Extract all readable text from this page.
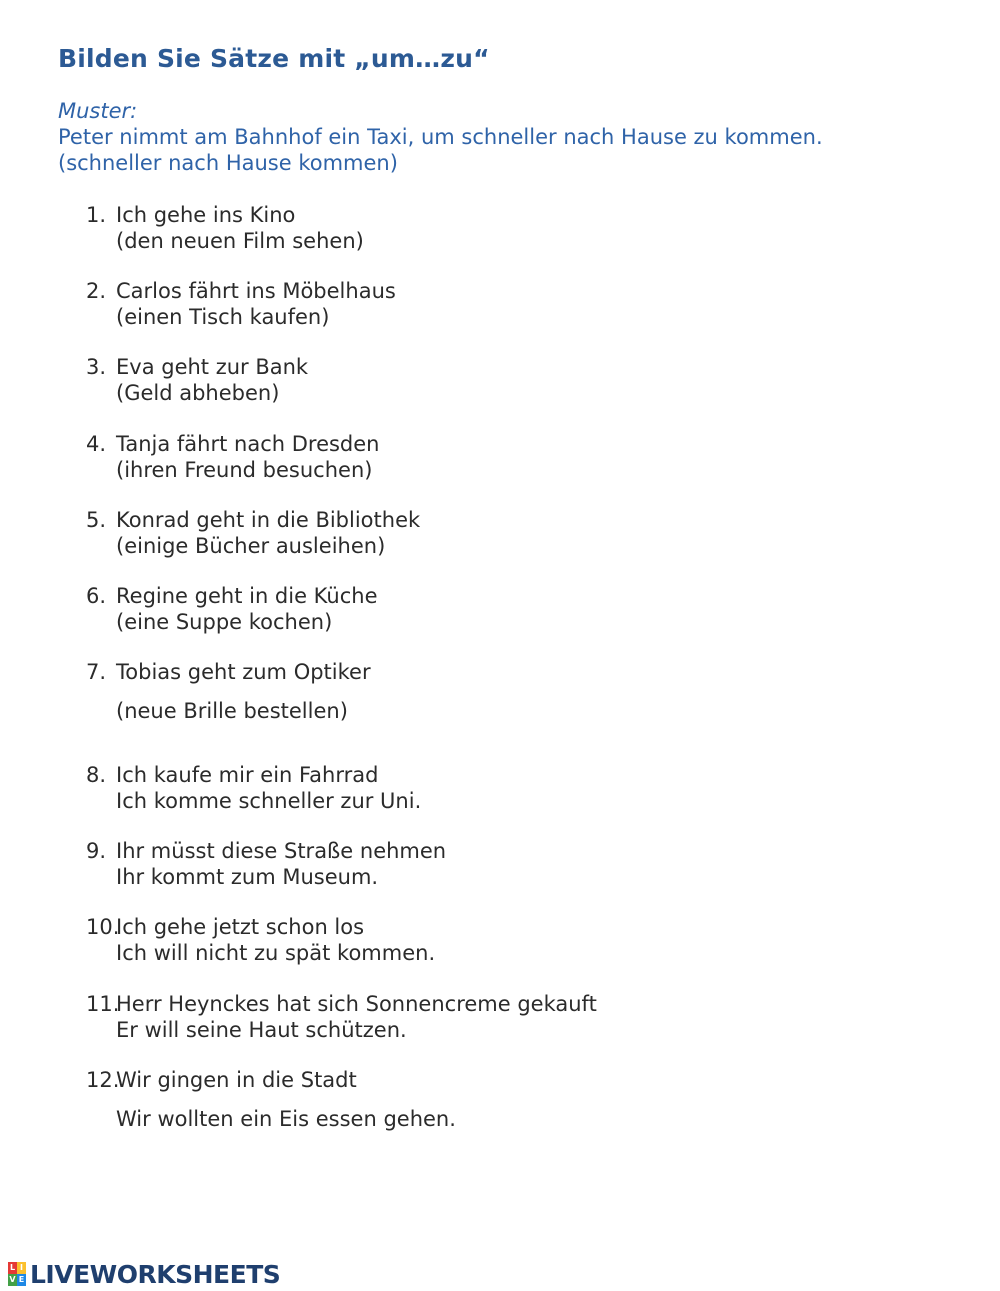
Bilden Sie Sätze mit „um…zu“
Muster:
Peter nimmt am Bahnhof ein Taxi, um schneller nach Hause zu kommen.
(schneller nach Hause kommen)
1. Ich gehe ins Kino
(den neuen Film sehen)
2. Carlos fährt ins Möbelhaus
(einen Tisch kaufen)
3. Eva geht zur Bank
(Geld abheben)
4. Tanja fährt nach Dresden
(ihren Freund besuchen)
5. Konrad geht in die Bibliothek
(einige Bücher ausleihen)
6. Regine geht in die Küche
(eine Suppe kochen)
7. Tobias geht zum Optiker
(neue Brille bestellen)
8. Ich kaufe mir ein Fahrrad
Ich komme schneller zur Uni.
9. Ihr müsst diese Straße nehmen
Ihr kommt zum Museum.
10.
Ich gehe jetzt schon los
Ich will nicht zu spät kommen.
11.
Herr Heynckes hat sich Sonnencreme gekauft
Er will seine Haut schützen.
12.
Wir gingen in die Stadt
Wir wollten ein Eis essen gehen.
L I
V E LIVEWORKSHEETS
